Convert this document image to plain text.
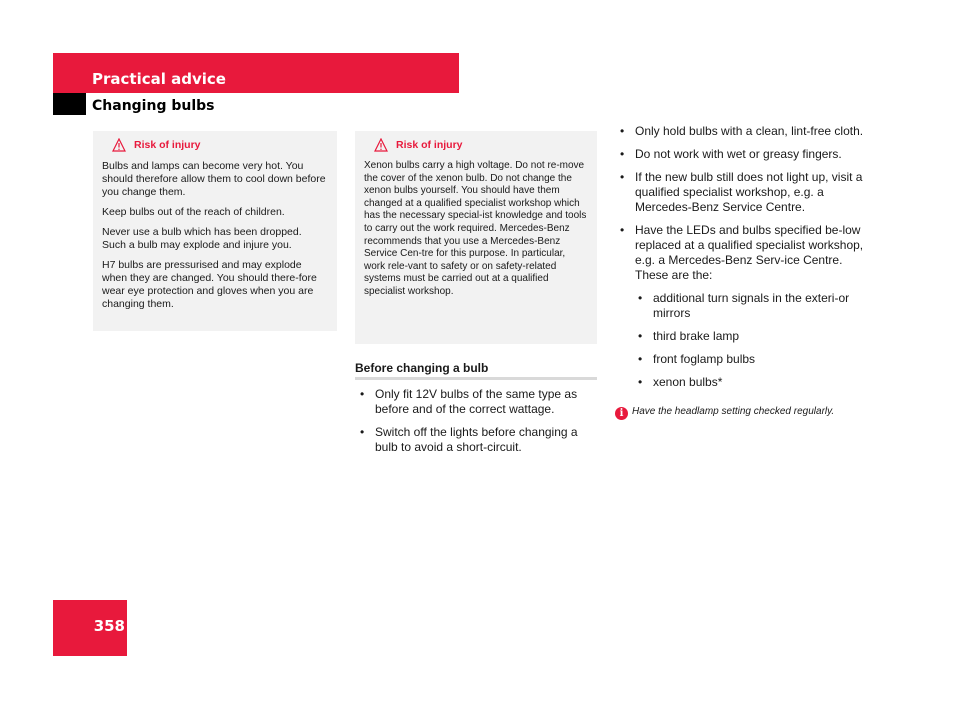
Practical advice
Changing bulbs
Risk of injury

Bulbs and lamps can become very hot. You should therefore allow them to cool down before you change them.

Keep bulbs out of the reach of children.

Never use a bulb which has been dropped. Such a bulb may explode and injure you.

H7 bulbs are pressurised and may explode when they are changed. You should there-fore wear eye protection and gloves when you are changing them.

Risk of injury

Xenon bulbs carry a high voltage. Do not re-move the cover of the xenon bulb. Do not change the xenon bulbs yourself. You should have them changed at a qualified specialist workshop which has the necessary special-ist knowledge and tools to carry out the work required. Mercedes-Benz recommends that you use a Mercedes-Benz Service Cen-tre for this purpose. In particular, work rele-vant to safety or on safety-related systems must be carried out at a qualified specialist workshop.

Before changing a bulb
• Only fit 12V bulbs of the same type as before and of the correct wattage.
• Switch off the lights before changing a bulb to avoid a short-circuit.
• Only hold bulbs with a clean, lint-free cloth.
• Do not work with wet or greasy fingers.
• If the new bulb still does not light up, visit a qualified specialist workshop, e.g. a Mercedes-Benz Service Centre.
• Have the LEDs and bulbs specified be-low replaced at a qualified specialist workshop, e.g. a Mercedes-Benz Serv-ice Centre. These are the:
• additional turn signals in the exteri-or mirrors
• third brake lamp
• front foglamp bulbs
• xenon bulbs*
i Have the headlamp setting checked regularly.
358
